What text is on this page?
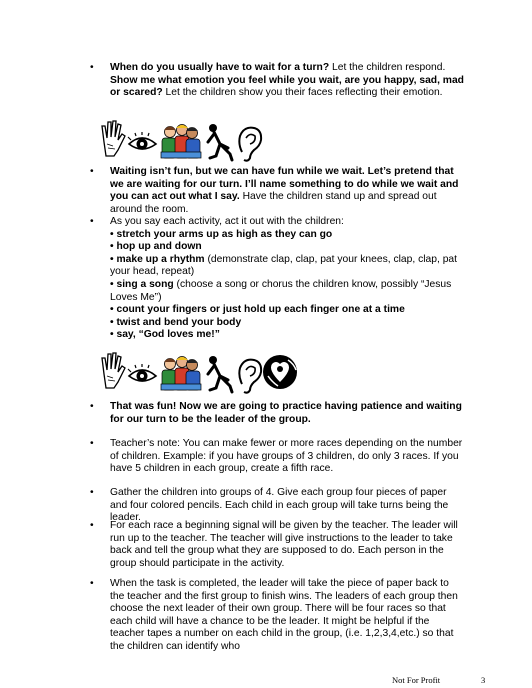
•	When do you usually have to wait for a turn? Let the children respond. Show me what emotion you feel while you wait, are you happy, sad, mad or scared? Let the children show you their faces reflecting their emotion.
•	Waiting isn’t fun, but we can have fun while we wait. Let’s pretend that we are waiting for our turn. I’ll name something to do while we wait and you can act out what I say. Have the children stand up and spread out around the room.
•	As you say each activity, act it out with the children:
• stretch your arms up as high as they can go
• hop up and down
• make up a rhythm (demonstrate clap, clap, pat your knees, clap, clap, pat your head, repeat)
• sing a song (choose a song or chorus the children know, possibly “Jesus Loves Me”)
• count your fingers or just hold up each finger one at a time
• twist and bend your body
• say, “God loves me!”
•	That was fun! Now we are going to practice having patience and waiting for our turn to be the leader of the group.
•	Teacher’s note: You can make fewer or more races depending on the number of children. Example: if you have groups of 3 children, do only 3 races. If you have 5 children in each group, create a fifth race.
•	Gather the children into groups of 4. Give each group four pieces of paper and four colored pencils. Each child in each group will take turns being the leader.
•	For each race a beginning signal will be given by the teacher. The leader will run up to the teacher. The teacher will give instructions to the leader to take back and tell the group what they are supposed to do. Each person in the group should participate in the activity.
•	When the task is completed, the leader will take the piece of paper back to the teacher and the first group to finish wins. The leaders of each group then choose the next leader of their own group. There will be four races so that each child will have a chance to be the leader. It might be helpful if the teacher tapes a number on each child in the group, (i.e. 1,2,3,4,etc.) so that the children can identify who
Not For Profit	3
